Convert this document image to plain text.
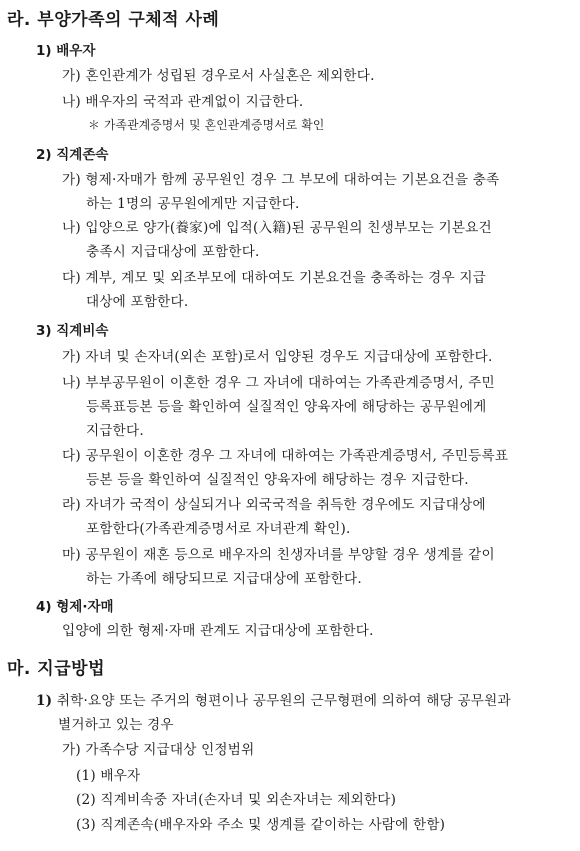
라. 부양가족의 구체적 사례
1) 배우자
가) 혼인관계가 성립된 경우로서 사실혼은 제외한다.
나) 배우자의 국적과 관계없이 지급한다.
＊ 가족관계증명서 및 혼인관계증명서로 확인
2) 직계존속
가) 형제·자매가 함께 공무원인 경우 그 부모에 대하여는 기본요건을 충족
하는 1명의 공무원에게만 지급한다.
나) 입양으로 양가(養家)에 입적(入籍)된 공무원의 친생부모는 기본요건
충족시 지급대상에 포함한다.
다) 계부, 계모 및 외조부모에 대하여도 기본요건을 충족하는 경우 지급
대상에 포함한다.
3) 직계비속
가) 자녀 및 손자녀(외손 포함)로서 입양된 경우도 지급대상에 포함한다.
나) 부부공무원이 이혼한 경우 그 자녀에 대하여는 가족관계증명서, 주민
등록표등본 등을 확인하여 실질적인 양육자에 해당하는 공무원에게
지급한다.
다) 공무원이 이혼한 경우 그 자녀에 대하여는 가족관계증명서, 주민등록표
등본 등을 확인하여 실질적인 양육자에 해당하는 경우 지급한다.
라) 자녀가 국적이 상실되거나 외국국적을 취득한 경우에도 지급대상에
포함한다(가족관계증명서로 자녀관계 확인).
마) 공무원이 재혼 등으로 배우자의 친생자녀를 부양할 경우 생계를 같이
하는 가족에 해당되므로 지급대상에 포함한다.
4) 형제·자매
입양에 의한 형제·자매 관계도 지급대상에 포함한다.
마. 지급방법
1) 취학·요양 또는 주거의 형편이나 공무원의 근무형편에 의하여 해당 공무원과
별거하고 있는 경우
가) 가족수당 지급대상 인정범위
(1) 배우자
(2) 직계비속중 자녀(손자녀 및 외손자녀는 제외한다)
(3) 직계존속(배우자와 주소 및 생계를 같이하는 사람에 한함)
